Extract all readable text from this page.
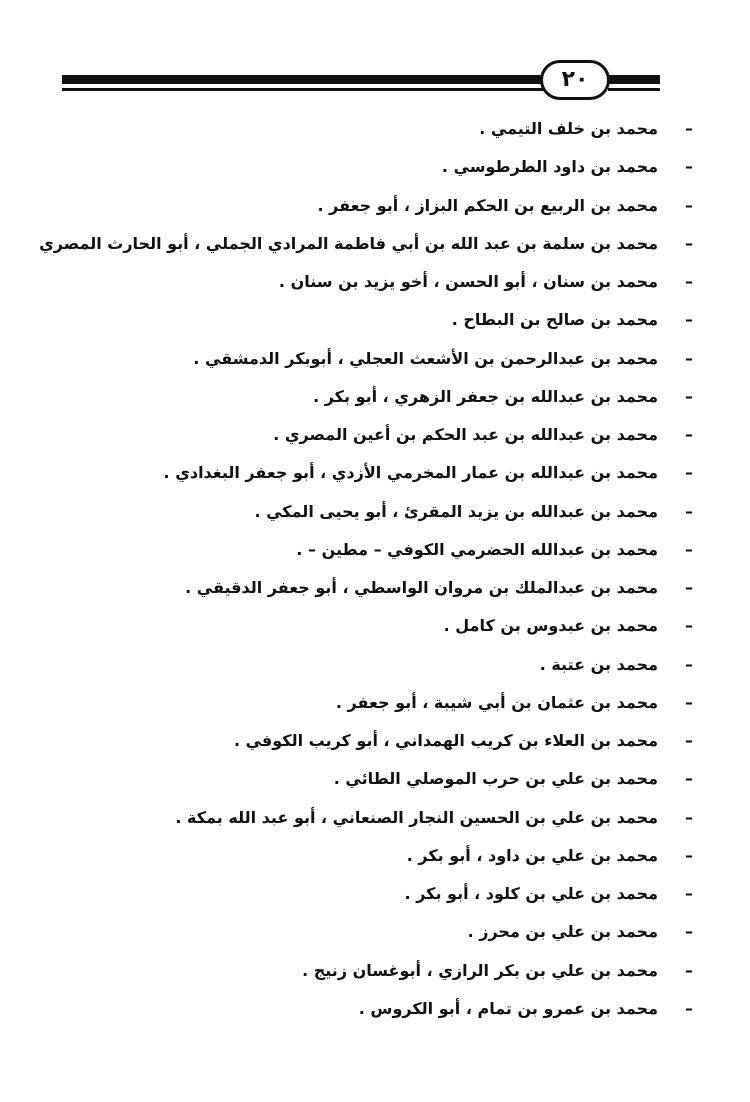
٢٠
–
محمد بن خلف التيمي .
–
محمد بن داود الطرطوسي .
–
محمد بن الربيع بن الحكم البزاز ، أبو جعفر .
–
محمد بن سلمة بن عبد الله بن أبي فاطمة المرادي الجملي ، أبو الحارث المصري
–
محمد بن سنان ، أبو الحسن ، أخو يزيد بن سنان .
–
محمد بن صالح بن البطاح .
–
محمد بن عبدالرحمن بن الأشعث العجلي ، أبوبكر الدمشقي .
–
محمد بن عبدالله بن جعفر الزهري ، أبو بكر .
–
محمد بن عبدالله بن عبد الحكم بن أعين المصري .
–
محمد بن عبدالله بن عمار المخرمي الأزدي ، أبو جعفر البغدادي .
–
محمد بن عبدالله بن يزيد المقرئ ، أبو يحيى المكي .
–
محمد بن عبدالله الحضرمي الكوفي – مطين – .
–
محمد بن عبدالملك بن مروان الواسطي ، أبو جعفر الدقيقي .
–
محمد بن عبدوس بن كامل .
–
محمد بن عتبة .
–
محمد بن عثمان بن أبي شيبة ، أبو جعفر .
–
محمد بن العلاء بن كريب الهمداني ، أبو كريب الكوفي .
–
محمد بن علي بن حرب الموصلي الطائي .
–
محمد بن علي بن الحسين النجار الصنعاني ، أبو عبد الله بمكة .
–
محمد بن علي بن داود ، أبو بكر .
–
محمد بن علي بن كلود ، أبو بكر .
–
محمد بن علي بن محرز .
–
محمد بن علي بن بكر الرازي ، أبوغسان زنيج .
–
محمد بن عمرو بن تمام ، أبو الكروس .
